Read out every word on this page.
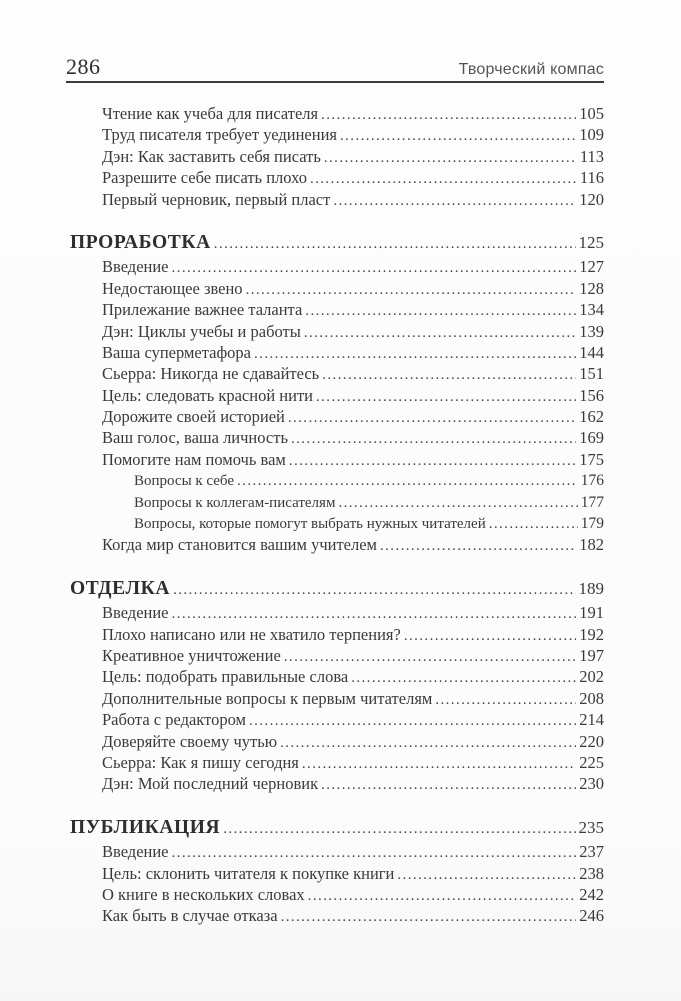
286	Творческий компас
Чтение как учеба для писателя .....	105
Труд писателя требует уединения .....	109
Дэн: Как заставить себя писать .....	113
Разрешите себе писать плохо .....	116
Первый черновик, первый пласт .....	120
ПРОРАБОТКА .....	125
Введение .....	127
Недостающее звено .....	128
Прилежание важнее таланта .....	134
Дэн: Циклы учебы и работы .....	139
Ваша суперметафора .....	144
Сьерра: Никогда не сдавайтесь .....	151
Цель: следовать красной нити .....	156
Дорожите своей историей .....	162
Ваш голос, ваша личность .....	169
Помогите нам помочь вам .....	175
Вопросы к себе .....	176
Вопросы к коллегам-писателям .....	177
Вопросы, которые помогут выбрать нужных читателей .....	179
Когда мир становится вашим учителем .....	182
ОТДЕЛКА .....	189
Введение .....	191
Плохо написано или не хватило терпения? .....	192
Креативное уничтожение .....	197
Цель: подобрать правильные слова .....	202
Дополнительные вопросы к первым читателям .....	208
Работа с редактором .....	214
Доверяйте своему чутью .....	220
Сьерра: Как я пишу сегодня .....	225
Дэн: Мой последний черновик .....	230
ПУБЛИКАЦИЯ .....	235
Введение .....	237
Цель: склонить читателя к покупке книги .....	238
О книге в нескольких словах .....	242
Как быть в случае отказа .....	246
